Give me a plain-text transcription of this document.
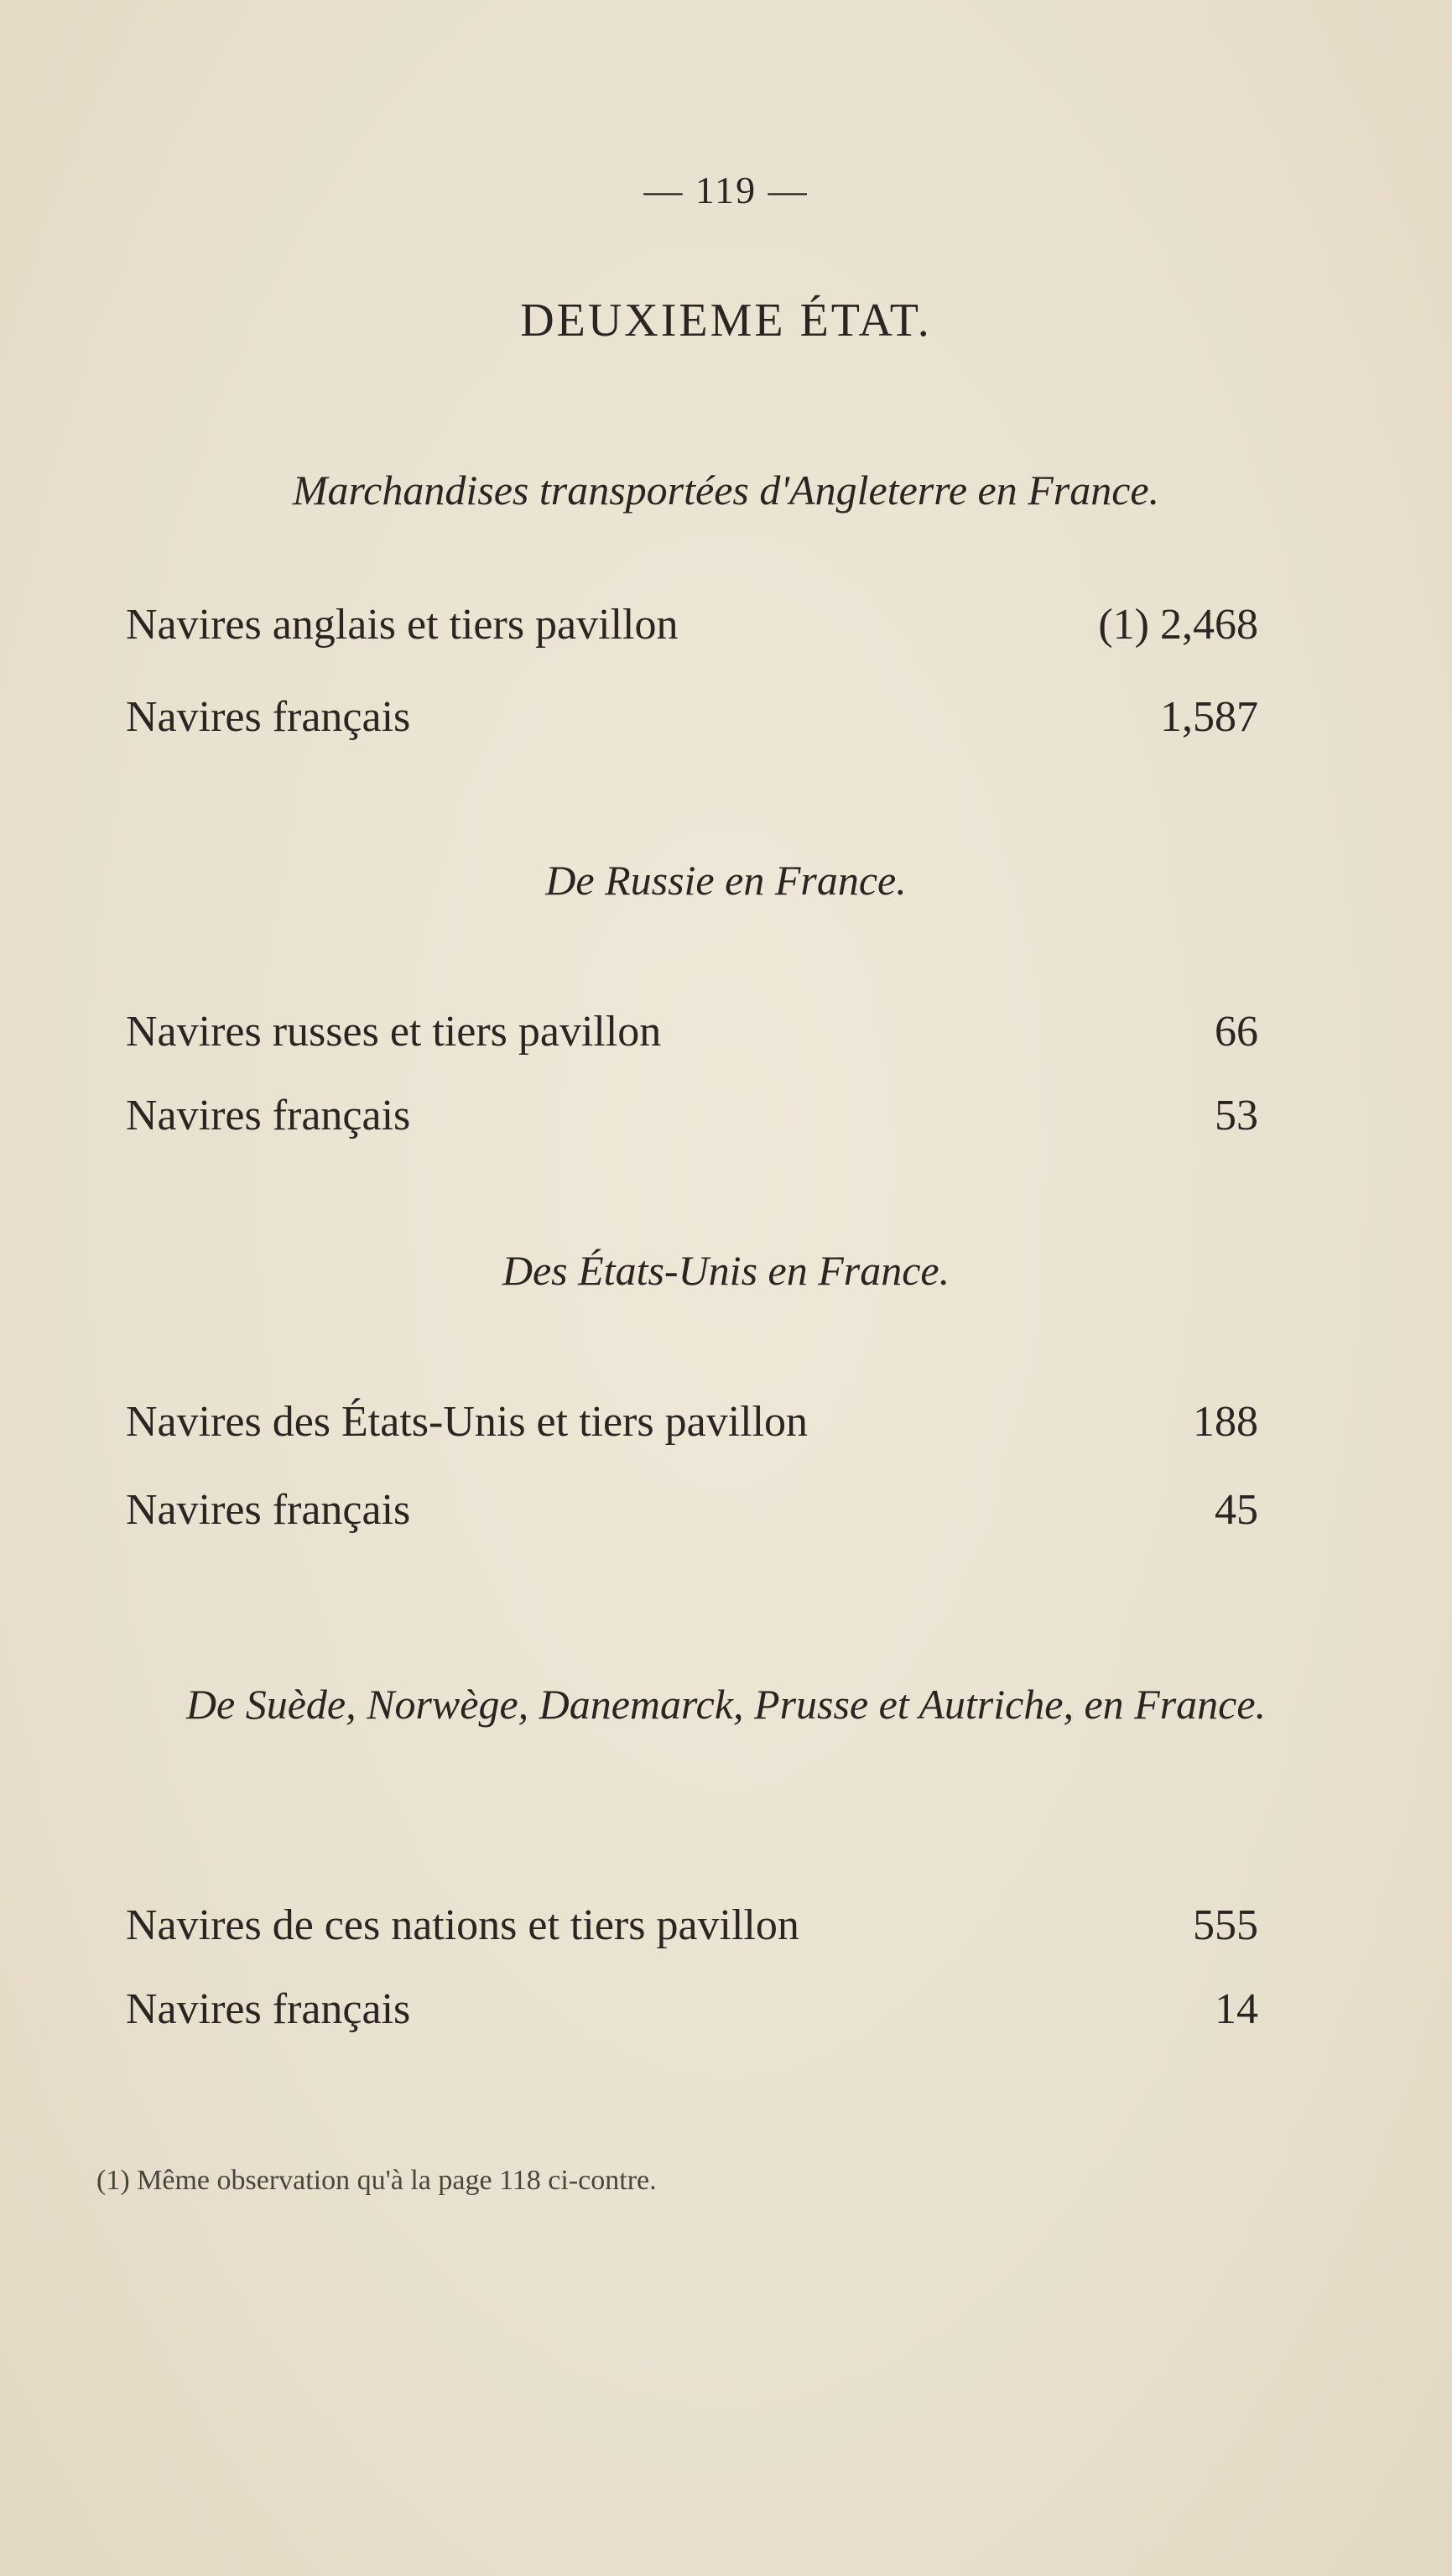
— 119 —
DEUXIEME ÉTAT.
Marchandises transportées d'Angleterre en France.
Navires anglais et tiers pavillon	(1) 2,468
Navires français	1,587
De Russie en France.
Navires russes et tiers pavillon	66
Navires français	53
Des États-Unis en France.
Navires des États-Unis et tiers pavillon	188
Navires français	45
De Suède, Norwège, Danemarck, Prusse et Autriche, en France.
Navires de ces nations et tiers pavillon	555
Navires français	14
(1) Même observation qu'à la page 118 ci-contre.
